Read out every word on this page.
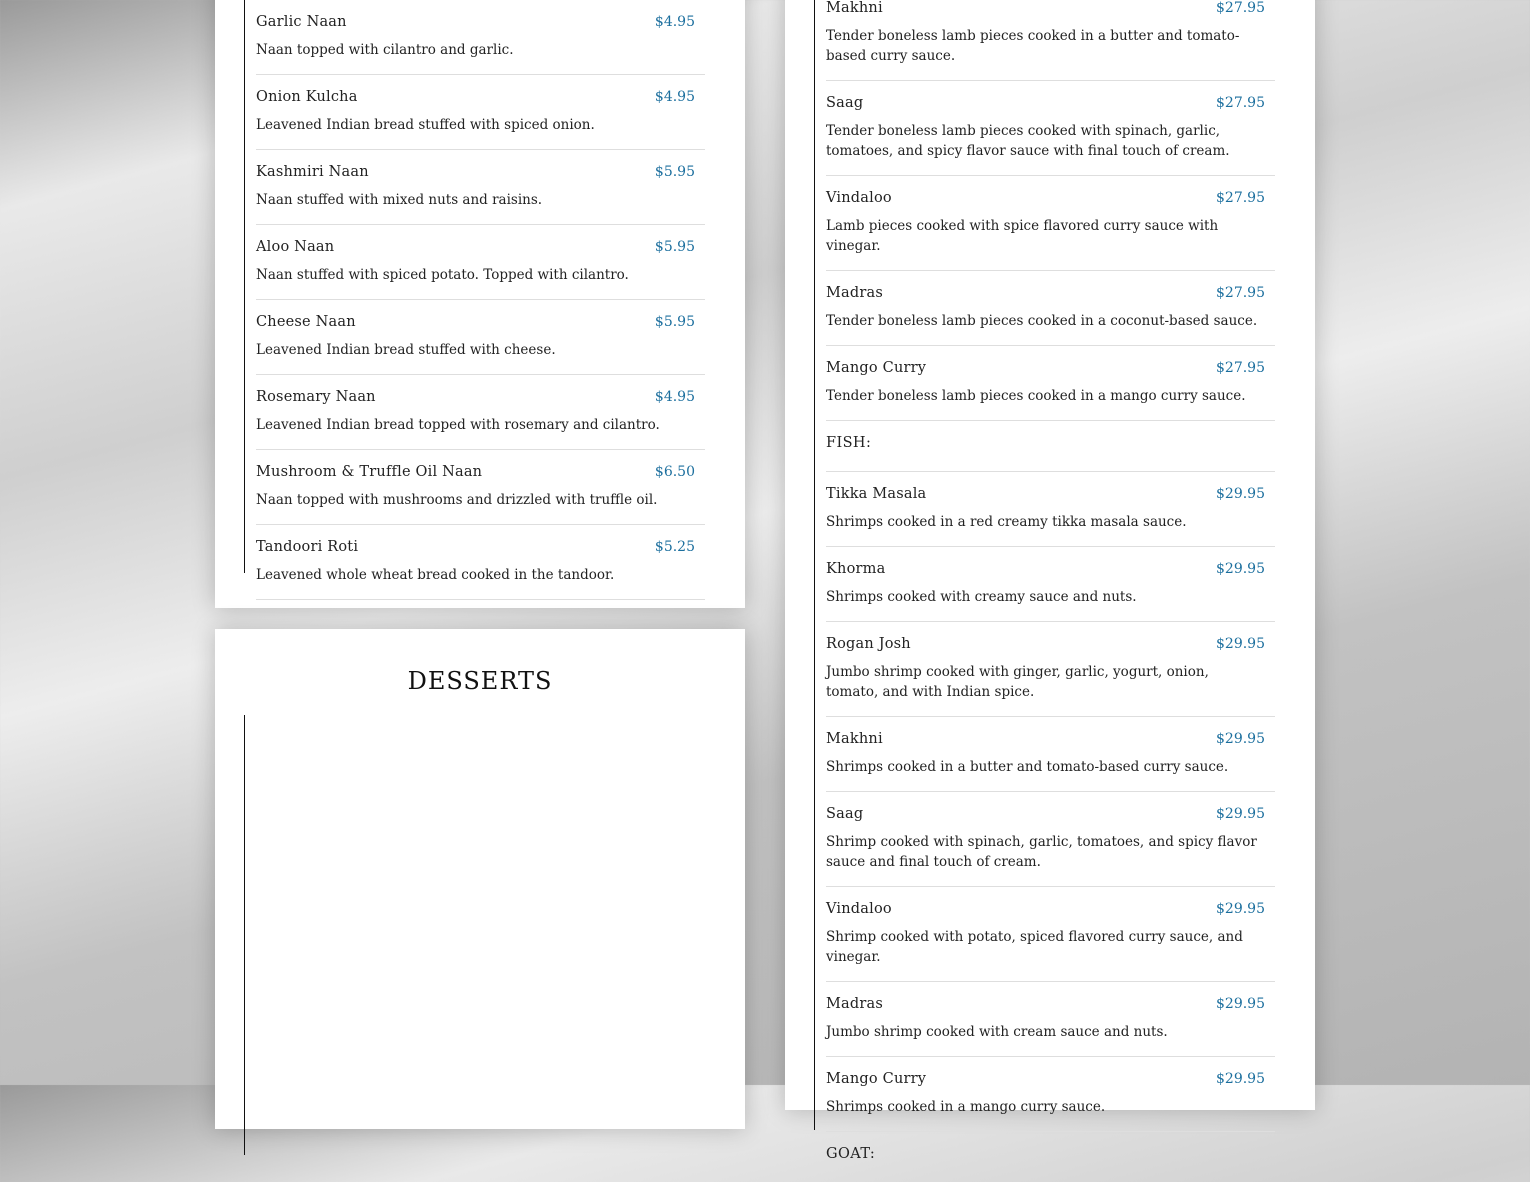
Garlic Naan	$4.95
Naan topped with cilantro and garlic.
Onion Kulcha	$4.95
Leavened Indian bread stuffed with spiced onion.
Kashmiri Naan	$5.95
Naan stuffed with mixed nuts and raisins.
Aloo Naan	$5.95
Naan stuffed with spiced potato. Topped with cilantro.
Cheese Naan	$5.95
Leavened Indian bread stuffed with cheese.
Rosemary Naan	$4.95
Leavened Indian bread topped with rosemary and cilantro.
Mushroom & Truffle Oil Naan	$6.50
Naan topped with mushrooms and drizzled with truffle oil.
Tandoori Roti	$5.25
Leavened whole wheat bread cooked in the tandoor.
DESSERTS
Makhni	$27.95
Tender boneless lamb pieces cooked in a butter and tomato-based curry sauce.
Saag	$27.95
Tender boneless lamb pieces cooked with spinach, garlic, tomatoes, and spicy flavor sauce with final touch of cream.
Vindaloo	$27.95
Lamb pieces cooked with spice flavored curry sauce with vinegar.
Madras	$27.95
Tender boneless lamb pieces cooked in a coconut-based sauce.
Mango Curry	$27.95
Tender boneless lamb pieces cooked in a mango curry sauce.
FISH:
Tikka Masala	$29.95
Shrimps cooked in a red creamy tikka masala sauce.
Khorma	$29.95
Shrimps cooked with creamy sauce and nuts.
Rogan Josh	$29.95
Jumbo shrimp cooked with ginger, garlic, yogurt, onion, tomato, and with Indian spice.
Makhni	$29.95
Shrimps cooked in a butter and tomato-based curry sauce.
Saag	$29.95
Shrimp cooked with spinach, garlic, tomatoes, and spicy flavor sauce and final touch of cream.
Vindaloo	$29.95
Shrimp cooked with potato, spiced flavored curry sauce, and vinegar.
Madras	$29.95
Jumbo shrimp cooked with cream sauce and nuts.
Mango Curry	$29.95
Shrimps cooked in a mango curry sauce.
GOAT:
